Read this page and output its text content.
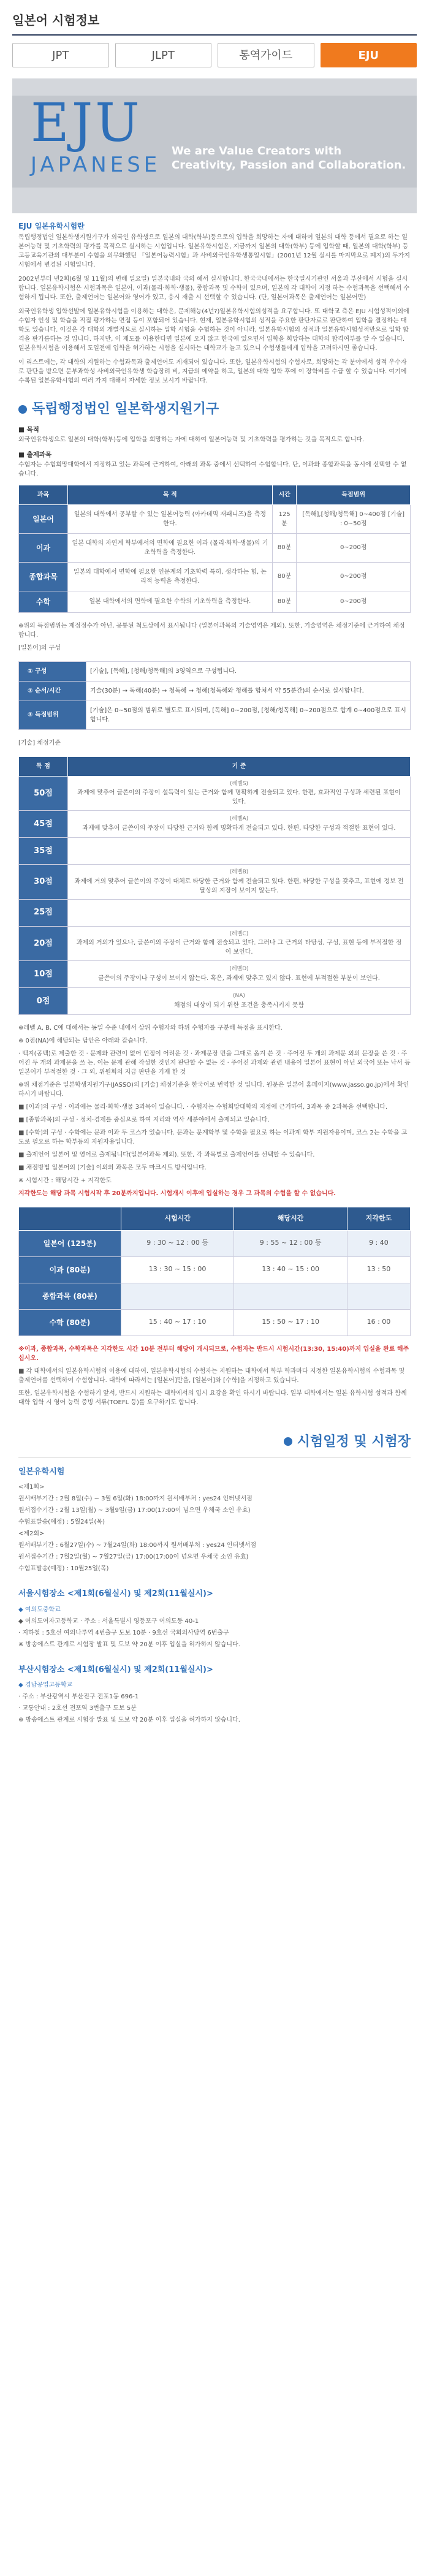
일본어 시험정보
JPT	JLPT	통역가이드	EJU
EJU
JAPANESE
We are Value Creators with
Creativity, Passion and Collaboration.
EJU 일본유학시험란

독립행정법인 일본학생지원기구가 외국인 유학생으로 일본의 대학(학부)등으로의 입학을 희망하는 자에 대하여 일본의 대학 등에서 필요로 하는 일본어능력 및 기초학력의 평가를 목적으로 실시하는 시험입니다. 일본유학시험은, 지금까지 일본의 대학(학부) 등에 입학할 때, 일본의 대학(학부) 등 고등교육기관의 대부분이 수험을 의무화했던 「일본어능력시험」과 사비외국인유학생통일시험」(2001년 12월 실시를 마지막으로 폐지)의 두가지 시험에서 변경된 시험입니다.

2002년부터 년2회(6월 및 11월)의 변해 일요일) 일본국내와 국외 해서 실시합니다. 한국국내에서는 한국일시기관인 서울과 부산에서 시험을 실시합니다. 일본유학시험은 시험과목은 일본어, 이과(물리·화학·생물), 종합과목 및 수학이 있으며, 일본의 각 대학이 지정 하는 수험과목을 선택해서 수험하게 됩니다. 또한, 출제언어는 일본어와 영어가 있고, 응시 재출 시 선택할 수 있습니다. (단, 일본어과목은 출제언어는 일본어만)

외국인유학생 입학선발에 일본유학시험을 이용하는 대학은, 문제해능(4년?)일본유학시험의성적을 요구합니다. 또 대학교 측은 EJU 시험성적이외에 수험자 인성 및 학습을 직접 평가하는 면접 등이 포함되어 있습니다. 현재, 일본유학시험의 성적을 주요한 판단자료로 판단하여 입학을 결정하는 대학도 있습니다. 이것은 각 대학의 개별적으로 실시하는 입학 시험을 수험하는 것이 아니라, 일본유학시험의 성적과 일본유학시험성적만으로 입학 합격을 판가름하는 것 입니다. 하지만, 이 제도를 이용한다면 일본에 오지 않고 한국에 있으면서 입학을 희망하는 대학의 합격여부를 알 수 있습니다. 일본유학시험을 이용해서 도일전에 입학을 허가하는 시험을 실시하는 대학교가 늘고 있으니 수험생들에게 입학을 고려하시면 좋습니다.

이 리스트에는, 각 대학의 지원하는 수험과목과 출제언어도 게재되어 있습니다. 또한, 일본유학시험의 수험자로, 희망하는 각 분야에서 성적 우수자로 판단을 받으면 문부과학성 사비외국인유학생 학습장려 비, 지급의 예약을 하고, 일본의 대학 입학 후에 이 장학비를 수급 할 수 있습니다. 여기에 수록된 일본유학시험의 여러 가지 대해서 자세한 정보 보시기 바랍니다.

독립행정법인 일본학생지원기구
■ 목적
외국인유학생으로 일본의 대학(학부)등에 입학을 희망하는 자에 대하여 일본어능력 및 기초학력을 평가하는 것을 목적으로 합니다.
■ 출제과목
수험자는 수험희망대학에서 지정하고 있는 과목에 근거하여, 아래의 과목 중에서 선택하여 수험합니다. 단, 이과와 종합과목을 동시에 선택할 수 없습니다.
과목	목 적	시간	득점범위
일본어	일본의 대학에서 공부할 수 있는 일본어능력 (아카데믹 재패니즈)을 측정한다.	125분	[독해],[청해/청독해] 0~400점 [기술] : 0~50점
이과	일본 대학의 자연계 학부에서의 면학에 필요한 이과 (물리·화학·생물)의 기초학력을 측정한다.	80분	0~200점
종합과목	일본의 대학에서 면학에 필요한 인문계의 기초학력 특히, 생각하는 힘, 논리적 능력을 측정한다.	80분	0~200점
수학	일본 대학에서의 면학에 필요한 수학의 기초학력을 측정한다.	80분	0~200점

※위의 득점범위는 제점점수가 아닌, 공통된 척도상에서 표시됩니다 (일본어과목의 기술영역은 제외). 또한, 기술영역은 채점기준에 근거하여 채점합니다.

[일본어]의 구성

① 구성	[기술], [독해], [청해/청독해]의 3영역으로 구성됩니다.
② 순서/시간	기술(30분) → 독해(40분) → 청독해 → 청해(청독해와 청해를 합쳐서 약 55분간)의 순서로 실시합니다.
③ 득점범위	[기술]은 0~50점의 범위로 별도로 표시되며, [독해] 0~200점, [청해/청독해] 0~200점으로 합계 0~400점으로 표시합니다.

[기술] 채점기준

득 점	기 준
50점	(레벨S)
과제에 맞추어 글쓴이의 주장이 설득력이 있는 근거와 함께 명확하게 전술되고 있다. 한편, 효과적인 구성과 세련된 표현이 있다.
45점	(레벨A)
과제에 맞추어 글쓴이의 주장이 타당한 근거와 함께 명확하게 전술되고 있다. 한편, 타당한 구성과 적절한 표현이 있다.
35점	

30점	(레벨B)
과제에 거의 맞추어 글쓴이의 주장이 대체로 타당한 근거와 함께 전술되고 있다. 한편, 타당한 구성을 갖추고, 표현에 정보 전달상의 지장이 보이지 않는다.
25점	

20점	(레벨C)
과제의 거의가 있으나, 글쓴이의 주장이 근거와 함께 전술되고 있다. 그러나 그 근거의 타당성, 구성, 표현 등에 부적절한 점이 보인다.
10점	(레벨D)
글쓴이의 주장이나 구성이 보이지 않는다. 혹은, 과제에 맞추고 있지 않다. 표현에 부적절한 부분이 보인다.
0점	(NA)
채점의 대상이 되기 위한 조건을 충족시키지 못함

※레벨 A, B, C에 대해서는 동일 수준 내에서 상위 수험자와 하위 수험자를 구분해 득점을 표시한다.

※ 0점(NA)에 해당되는 답안은 아래와 같습니다.

· 백지(공백)로 제출한 것 · 문제와 관련이 없어 인정이 어려운 것 · 과제문장 만을 그대로 옮겨 쓴 것 · 주어진 두 개의 과제문 외의 문장을 쓴 것 · 주어진 두 개의 과제문을 쓰 는, 이는 문제 관해 작성한 것인지 판단할 수 없는 것 · 주어진 과제와 관련 내용이 일본어 표현이 아닌 외국어 또는 낙서 등 일본어가 부적절한 것 · 그 외, 위원회의 지금 판단을 기재 한 것

※위 채점기준은 일본학생지원기구(JASSO)의 [기술] 채점기준을 한국어로 번역한 것 입니다. 원문은 일본어 홈페이지(www.jasso.go.jp)에서 확인하시기 바랍니다.

■ [이과]의 구성 · 이과에는 물리·화학·생물 3과목이 있습니다. · 수험자는 수험희망대학의 지정에 근거하여, 3과목 중 2과목을 선택합니다.

■ [종합과목]의 구성 · 정치·경제를 중심으로 하여 지리와 역사 세분야에서 출제되고 있습니다.

■ [수학]의 구성 · 수학에는 문과 이과 두 코스가 있습니다. 문과는 문계학부 및 수학을 필요로 하는 이과계 학부 지원자용이며, 코스 2는 수학을 고도로 필요로 하는 학부등의 지원자용입니다.

■ 출제언어 일본어 및 영어로 출제됩니다(일본어과목 제외). 또한, 각 과목별로 출제언어를 선택할 수 있습니다.

■ 채점방법 일본어의 [기술] 이외의 과목은 모두 마크시트 방식입니다.

※ 시험시간 : 해당시간 + 지각한도

지각한도는 해당 과목 시험시작 후 20분까지입니다. 시험개시 이후에 입실하는 경우 그 과목의 수험을 할 수 없습니다.

	시험시간	해당시간	지각한도
일본어 (125분)	9 : 30 ~ 12 : 00 등	9 : 55 ~ 12 : 00 등	9 : 40
이과 (80분)	13 : 30 ~ 15 : 00	13 : 40 ~ 15 : 00	13 : 50
종합과목 (80분)			
수학 (80분)	15 : 40 ~ 17 : 10	15 : 50 ~ 17 : 10	16 : 00

※이과, 종합과목, 수학과목은 지각한도 시간 10분 전부터 해당이 개시되므로, 수험자는 반드시 시험시간(13:30, 15:40)까지 입실을 완료 해주십시오.

■ 각 대학에서의 일본유학시험의 이용에 대하여. 일본유학시험의 수험자는 지원하는 대학에서 학부 학과마다 지정한 일본유학시험의 수험과목 및 출제언어를 선택하여 수험합니다. 대학에 따라서는 [일본어]만을, [일본어]와 [수학]을 지정하고 있습니다.

또한, 일본유학시험을 수험하기 앞서, 반드시 지원하는 대학에서의 입시 요강을 확인 하시기 바랍니다. 일부 대학에서는 일본 유학시험 성적과 함께 대학 입학 시 영어 능력 증빙 서류(TOEFL 등)를 요구하기도 합니다.

시험일정 및 시험장
일본유학시험

<제1회>

원서배부기간 : 2월 8일(수) ~ 3월 6일(화) 18:00까지 원서배부처 : yes24 인터넷서점

원서접수기간 : 2월 13일(월) ~ 3월9일(금) 17:00(17:00이 넘으면 우체국 소인 유효)

수험표발송(예정) : 5월24일(목)

<제2회>

원서배부기간 : 6월27일(수) ~ 7월24일(화) 18:00까지 원서배부처 : yes24 인터넷서점

원서접수기간 : 7월2일(월) ~ 7월27일(금) 17:00(17:00이 넘으면 우체국 소인 유효)

수험표발송(예정) : 10월25일(목)

서울시험장소 <제1회(6월실시) 및 제2회(11월실시)>

◆ 여의도중학교

◆ 여의도여자고등학교 · 주소 : 서울특별시 영등포구 여의도동 40-1

· 지하철 : 5호선 여의나루역 4번출구 도보 10분 · 9호선 국회의사당역 6번출구

※ 방송에스트 관계로 시험장 발표 및 도보 약 20분 이후 입실을 허가하지 않습니다.

부산시험장소 <제1회(6월실시) 및 제2회(11월실시)>

◆ 경남공업고등학교

· 주소 : 부산광역시 부산진구 전포1동 696-1

· 교통안내 : 2호선 전포역 3번출구 도보 5분

※ 방송에스트 관계로 시험장 발표 및 도보 약 20분 이후 입실을 허가하지 않습니다.
